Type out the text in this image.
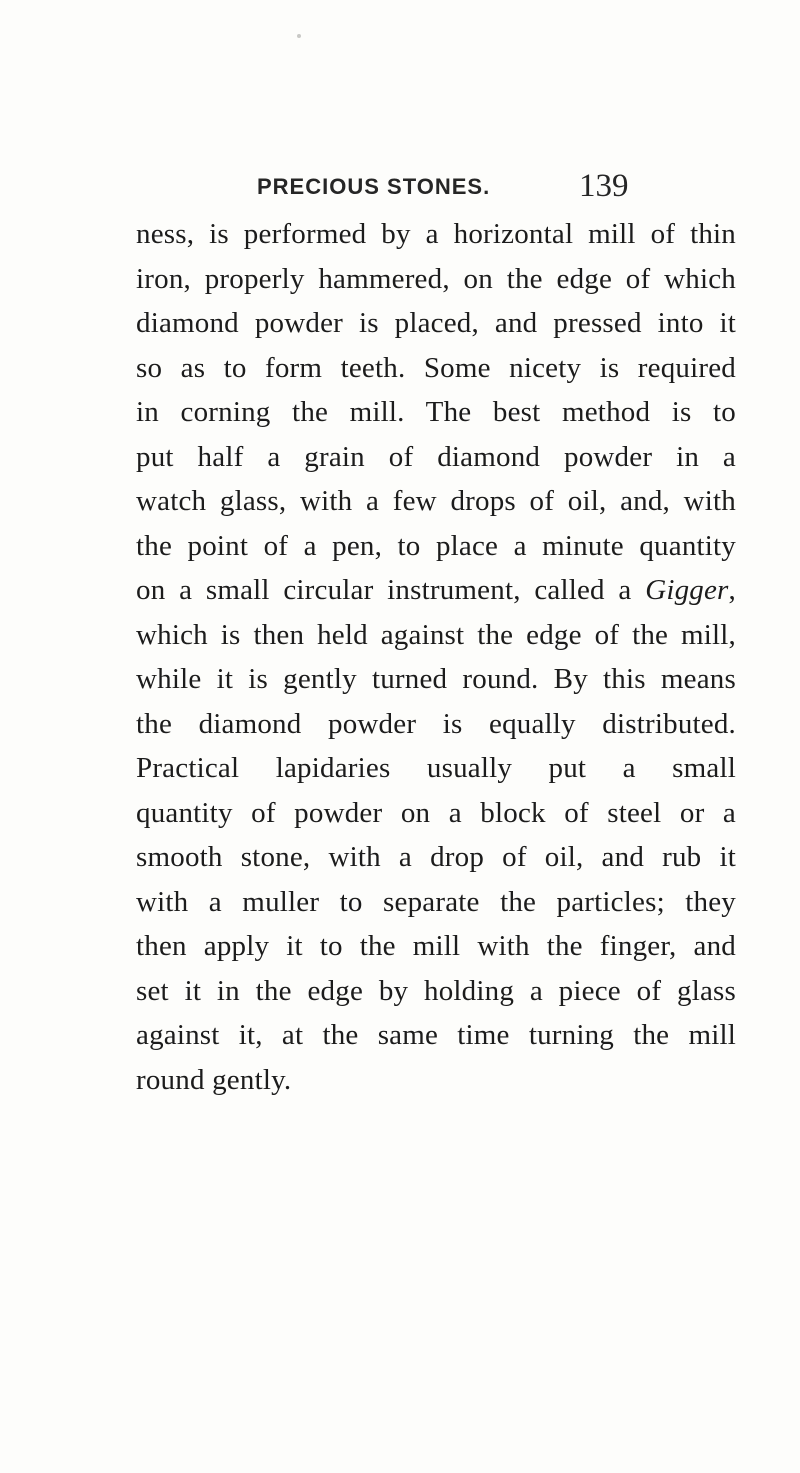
PRECIOUS STONES.	139
ness, is performed by a horizontal mill of thin
iron, properly hammered, on the edge of which
diamond powder is placed, and pressed into it
so as to form teeth. Some nicety is required
in corning the mill. The best method is to
put half a grain of diamond powder in a
watch glass, with a few drops of oil, and, with
the point of a pen, to place a minute quantity
on a small circular instrument, called a Gigger,
which is then held against the edge of the mill,
while it is gently turned round. By this means
the diamond powder is equally distributed.
Practical lapidaries usually put a small
quantity of powder on a block of steel or a
smooth stone, with a drop of oil, and rub it
with a muller to separate the particles; they
then apply it to the mill with the finger, and
set it in the edge by holding a piece of glass
against it, at the same time turning the mill
round gently.
